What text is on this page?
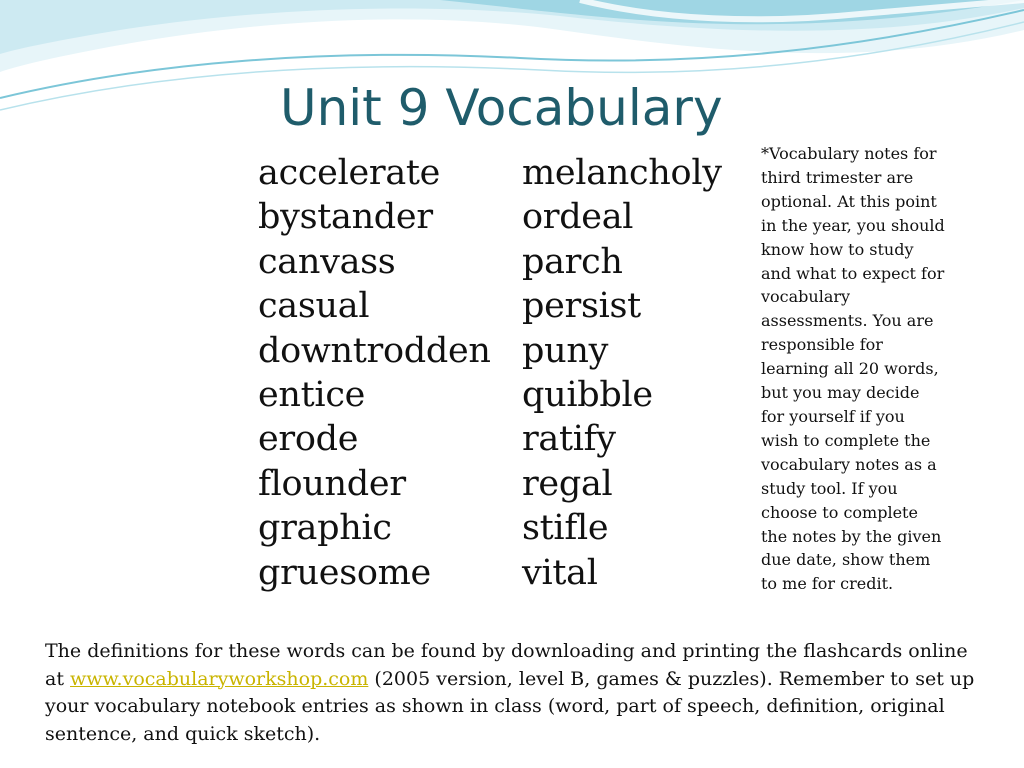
Unit 9 Vocabulary
accelerate
bystander
canvass
casual
downtrodden
entice
erode
flounder
graphic
gruesome
melancholy
ordeal
parch
persist
puny
quibble
ratify
regal
stifle
vital
*Vocabulary notes for
third trimester are
optional. At this point
in the year, you should
know how to study
and what to expect for
vocabulary
assessments. You are
responsible for
learning all 20 words,
but you may decide
for yourself if you
wish to complete the
vocabulary notes as a
study tool. If you
choose to complete
the notes by the given
due date, show them
to me for credit.
The definitions for these words can be found by downloading and printing the flashcards online
at www.vocabularyworkshop.com (2005 version, level B, games & puzzles). Remember to set up
your vocabulary notebook entries as shown in class (word, part of speech, definition, original
sentence, and quick sketch).
